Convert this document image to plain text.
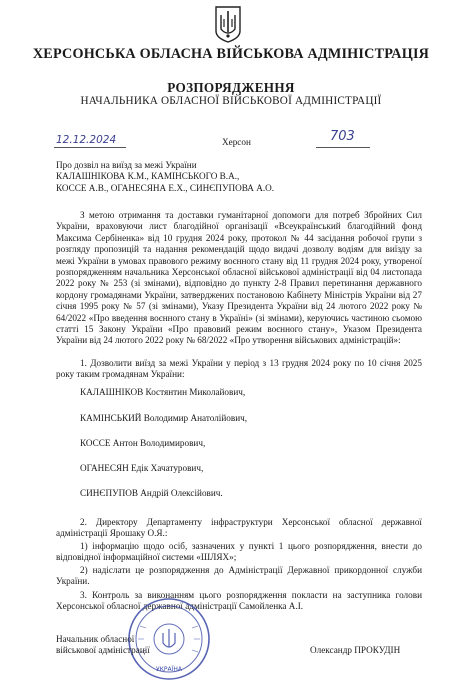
ХЕРСОНСЬКА ОБЛАСНА ВІЙСЬКОВА АДМІНІСТРАЦІЯ
РОЗПОРЯДЖЕННЯ
НАЧАЛЬНИКА ОБЛАСНОЇ ВІЙСЬКОВОЇ АДМІНІСТРАЦІЇ
12.12.2024	Херсон	703
Про дозвіл на виїзд за межі України
КАЛАШНІКОВА К.М., КАМІНСЬКОГО В.А.,
КОССЕ А.В., ОГАНЕСЯНА Е.Х., СИНЄПУПОВА А.О.
З метою отримання та доставки гуманітарної допомоги для потреб Збройних Сил України, враховуючи лист благодійної організації «Всеукраїнський благодійний фонд Максима Сербіненка» від 10 грудня 2024 року, протокол № 44 засідання робочої групи з розгляду пропозицій та надання рекомендацій щодо видачі дозволу водіям для виїзду за межі України в умовах правового режиму воєнного стану від 11 грудня 2024 року, утвореної розпорядженням начальника Херсонської обласної військової адміністрації від 04 листопада 2022 року № 253 (зі змінами), відповідно до пункту 2-8 Правил перетинання державного кордону громадянами України, затверджених постановою Кабінету Міністрів України від 27 січня 1995 року № 57 (зі змінами), Указу Президента України від 24 лютого 2022 року № 64/2022 «Про введення воєнного стану в Україні» (зі змінами), керуючись частиною сьомою статті 15 Закону України «Про правовий режим воєнного стану», Указом Президента України від 24 лютого 2022 року № 68/2022 «Про утворення військових адміністрацій»:
1. Дозволити виїзд за межі України у період з 13 грудня 2024 року по 10 січня 2025 року таким громадянам України:
КАЛАШНІКОВ Костянтин Миколайович,
КАМІНСЬКИЙ Володимир Анатолійович,
КОССЕ Антон Володимирович,
ОГАНЕСЯН Едік Хачатурович,
СИНЄПУПОВ Андрій Олексійович.
2. Директору Департаменту інфраструктури Херсонської обласної державної адміністрації Ярошаку О.Я.:
1) інформацію щодо осіб, зазначених у пункті 1 цього розпорядження, внести до відповідної інформаційної системи «ШЛЯХ»;
2) надіслати це розпорядження до Адміністрації Державної прикордонної служби України.
3. Контроль за виконанням цього розпорядження покласти на заступника голови Херсонської обласної державної адміністрації Самойленка А.І.
УКРАЇНА
Начальник обласної
військової адміністрації	Олександр ПРОКУДІН
